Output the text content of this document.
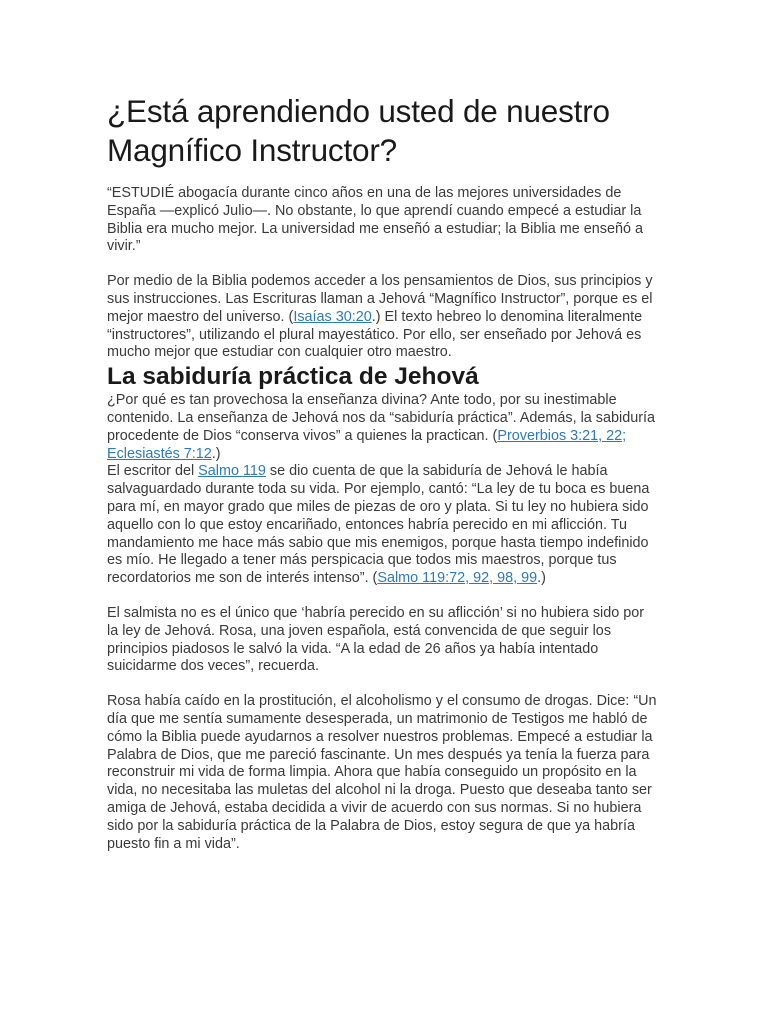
¿Está aprendiendo usted de nuestro Magnífico Instructor?

“ESTUDIÉ abogacía durante cinco años en una de las mejores universidades de España —explicó Julio—. No obstante, lo que aprendí cuando empecé a estudiar la Biblia era mucho mejor. La universidad me enseñó a estudiar; la Biblia me enseñó a vivir.”

Por medio de la Biblia podemos acceder a los pensamientos de Dios, sus principios y sus instrucciones. Las Escrituras llaman a Jehová “Magnífico Instructor”, porque es el mejor maestro del universo. (Isaías 30:20.) El texto hebreo lo denomina literalmente “instructores”, utilizando el plural mayestático. Por ello, ser enseñado por Jehová es mucho mejor que estudiar con cualquier otro maestro.

La sabiduría práctica de Jehová

¿Por qué es tan provechosa la enseñanza divina? Ante todo, por su inestimable contenido. La enseñanza de Jehová nos da “sabiduría práctica”. Además, la sabiduría procedente de Dios “conserva vivos” a quienes la practican. (Proverbios 3:21, 22; Eclesiastés 7:12.)

El escritor del Salmo 119 se dio cuenta de que la sabiduría de Jehová le había salvaguardado durante toda su vida. Por ejemplo, cantó: “La ley de tu boca es buena para mí, en mayor grado que miles de piezas de oro y plata. Si tu ley no hubiera sido aquello con lo que estoy encariñado, entonces habría perecido en mi aflicción. Tu mandamiento me hace más sabio que mis enemigos, porque hasta tiempo indefinido es mío. He llegado a tener más perspicacia que todos mis maestros, porque tus recordatorios me son de interés intenso”. (Salmo 119:72, 92, 98, 99.)

El salmista no es el único que ‘habría perecido en su aflicción’ si no hubiera sido por la ley de Jehová. Rosa, una joven española, está convencida de que seguir los principios piadosos le salvó la vida. “A la edad de 26 años ya había intentado suicidarme dos veces”, recuerda.

Rosa había caído en la prostitución, el alcoholismo y el consumo de drogas. Dice: “Un día que me sentía sumamente desesperada, un matrimonio de Testigos me habló de cómo la Biblia puede ayudarnos a resolver nuestros problemas. Empecé a estudiar la Palabra de Dios, que me pareció fascinante. Un mes después ya tenía la fuerza para reconstruir mi vida de forma limpia. Ahora que había conseguido un propósito en la vida, no necesitaba las muletas del alcohol ni la droga. Puesto que deseaba tanto ser amiga de Jehová, estaba decidida a vivir de acuerdo con sus normas. Si no hubiera sido por la sabiduría práctica de la Palabra de Dios, estoy segura de que ya habría puesto fin a mi vida”.
